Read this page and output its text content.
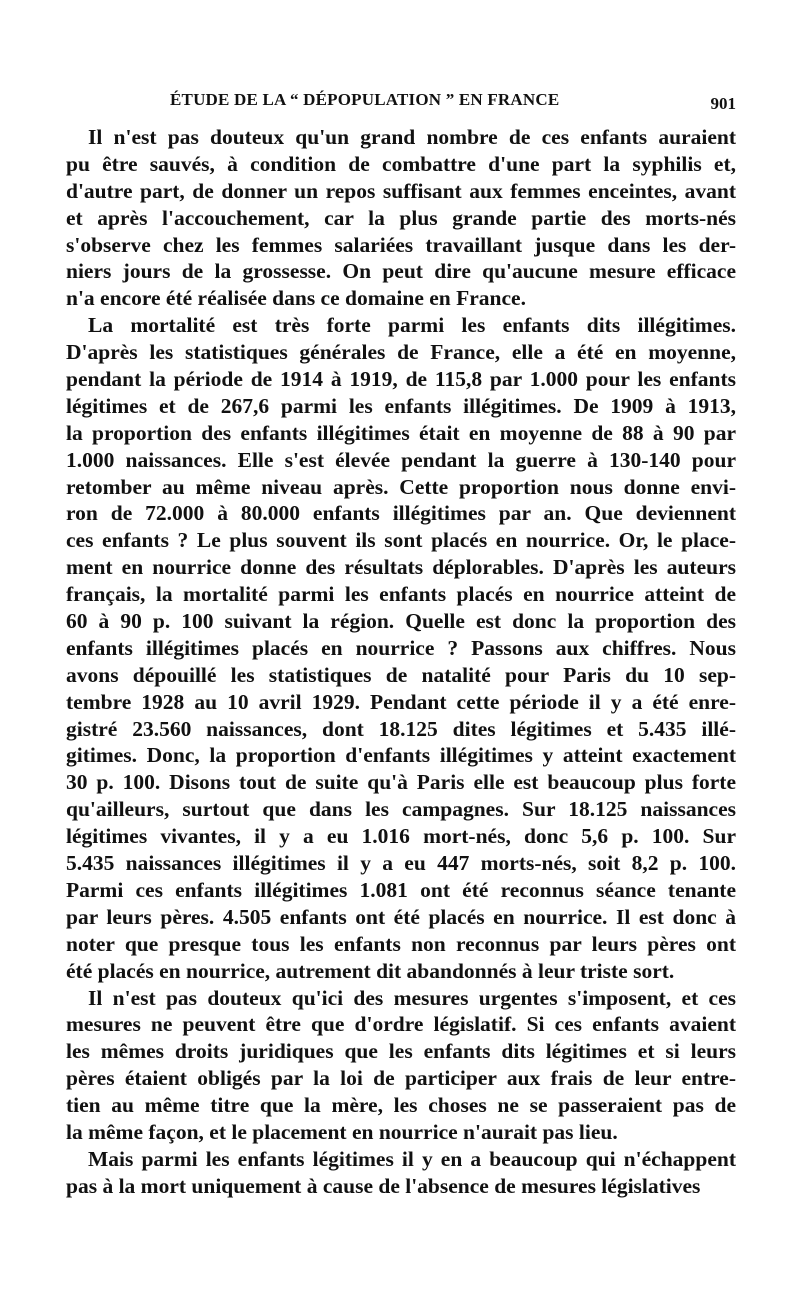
ÉTUDE DE LA “ DÉPOPULATION ” EN FRANCE	901
Il n'est pas douteux qu'un grand nombre de ces enfants auraient
pu être sauvés, à condition de combattre d'une part la syphilis et,
d'autre part, de donner un repos suffisant aux femmes enceintes, avant
et après l'accouchement, car la plus grande partie des morts-nés
s'observe chez les femmes salariées travaillant jusque dans les der-
niers jours de la grossesse. On peut dire qu'aucune mesure efficace
n'a encore été réalisée dans ce domaine en France.
La mortalité est très forte parmi les enfants dits illégitimes.
D'après les statistiques générales de France, elle a été en moyenne,
pendant la période de 1914 à 1919, de 115,8 par 1.000 pour les enfants
légitimes et de 267,6 parmi les enfants illégitimes. De 1909 à 1913,
la proportion des enfants illégitimes était en moyenne de 88 à 90 par
1.000 naissances. Elle s'est élevée pendant la guerre à 130-140 pour
retomber au même niveau après. Cette proportion nous donne envi-
ron de 72.000 à 80.000 enfants illégitimes par an. Que deviennent
ces enfants ? Le plus souvent ils sont placés en nourrice. Or, le place-
ment en nourrice donne des résultats déplorables. D'après les auteurs
français, la mortalité parmi les enfants placés en nourrice atteint de
60 à 90 p. 100 suivant la région. Quelle est donc la proportion des
enfants illégitimes placés en nourrice ? Passons aux chiffres. Nous
avons dépouillé les statistiques de natalité pour Paris du 10 sep-
tembre 1928 au 10 avril 1929. Pendant cette période il y a été enre-
gistré 23.560 naissances, dont 18.125 dites légitimes et 5.435 illé-
gitimes. Donc, la proportion d'enfants illégitimes y atteint exactement
30 p. 100. Disons tout de suite qu'à Paris elle est beaucoup plus forte
qu'ailleurs, surtout que dans les campagnes. Sur 18.125 naissances
légitimes vivantes, il y a eu 1.016 mort-nés, donc 5,6 p. 100. Sur
5.435 naissances illégitimes il y a eu 447 morts-nés, soit 8,2 p. 100.
Parmi ces enfants illégitimes 1.081 ont été reconnus séance tenante
par leurs pères. 4.505 enfants ont été placés en nourrice. Il est donc à
noter que presque tous les enfants non reconnus par leurs pères ont
été placés en nourrice, autrement dit abandonnés à leur triste sort.
Il n'est pas douteux qu'ici des mesures urgentes s'imposent, et ces
mesures ne peuvent être que d'ordre législatif. Si ces enfants avaient
les mêmes droits juridiques que les enfants dits légitimes et si leurs
pères étaient obligés par la loi de participer aux frais de leur entre-
tien au même titre que la mère, les choses ne se passeraient pas de
la même façon, et le placement en nourrice n'aurait pas lieu.
Mais parmi les enfants légitimes il y en a beaucoup qui n'échappent
pas à la mort uniquement à cause de l'absence de mesures législatives
